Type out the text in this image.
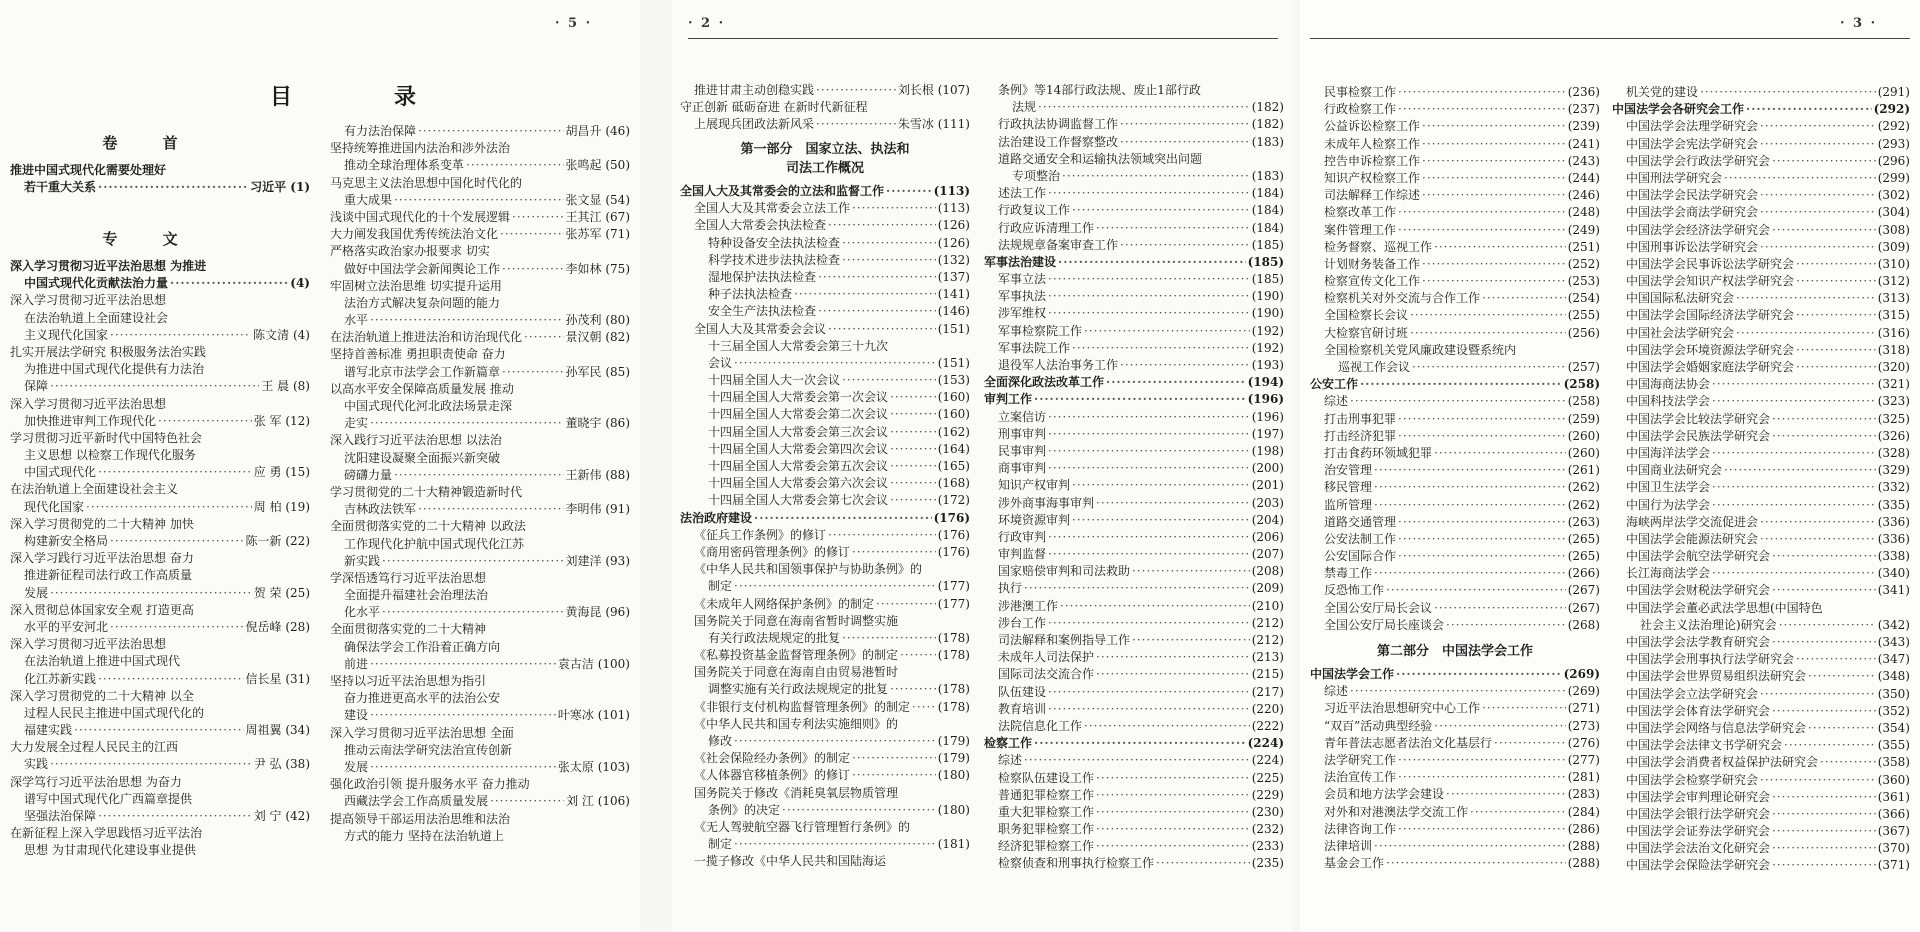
· 5 ·
目　录
卷 首
推进中国式现代化需要处理好
若干重大关系 ·····	习近平 (1)
专 文
深入学习贯彻习近平法治思想 为推进
中国式现代化贡献法治力量 ·····	(4)
深入学习贯彻习近平法治思想
在法治轨道上全面建设社会
主义现代化国家 ·····	陈文清 (4)
扎实开展法学研究 积极服务法治实践
为推进中国式现代化提供有力法治
保障 ·····	王 晨 (8)
深入学习贯彻习近平法治思想
加快推进审判工作现代化 ·····	张 军 (12)
学习贯彻习近平新时代中国特色社会
主义思想 以检察工作现代化服务
中国式现代化 ·····	应 勇 (15)
在法治轨道上全面建设社会主义
现代化国家 ·····	周 柏 (19)
深入学习贯彻党的二十大精神 加快
构建新安全格局 ·····	陈一新 (22)
深入学习践行习近平法治思想 奋力
推进新征程司法行政工作高质量
发展 ·····	贺 荣 (25)
深入贯彻总体国家安全观 打造更高
水平的平安河北 ·····	倪岳峰 (28)
深入学习贯彻习近平法治思想
在法治轨道上推进中国式现代
化江苏新实践 ·····	信长星 (31)
深入学习贯彻党的二十大精神 以全
过程人民民主推进中国式现代化的
福建实践 ·····	周祖翼 (34)
大力发展全过程人民民主的江西
实践 ·····	尹 弘 (38)
深学笃行习近平法治思想 为奋力
谱写中国式现代化广西篇章提供
坚强法治保障 ·····	刘 宁 (42)
在新征程上深入学思践悟习近平法治
思想 为甘肃现代化建设事业提供
有力法治保障 ·····	胡昌升 (46)
坚持统筹推进国内法治和涉外法治
推动全球治理体系变革 ·····	张鸣起 (50)
马克思主义法治思想中国化时代化的
重大成果 ·····	张文显 (54)
浅谈中国式现代化的十个发展逻辑 ·····	王其江 (67)
大力阐发我国优秀传统法治文化 ·····	张苏军 (71)
严格落实政治家办报要求 切实
做好中国法学会新闻舆论工作 ·····	李如林 (75)
牢固树立法治思维 切实提升运用
法治方式解决复杂问题的能力
水平 ·····	孙茂利 (80)
在法治轨道上推进法治和访治现代化 ·····	景汉朝 (82)
坚持首善标准 勇担职责使命 奋力
谱写北京市法学会工作新篇章 ·····	孙军民 (85)
以高水平安全保障高质量发展 推动
中国式现代化河北政法场景走深
走实 ·····	董晓宇 (86)
深入践行习近平法治思想 以法治
沈阳建设凝聚全面振兴新突破
磅礴力量 ·····	王新伟 (88)
学习贯彻党的二十大精神锻造新时代
吉林政法铁军 ·····	李明伟 (91)
全面贯彻落实党的二十大精神 以政法
工作现代化护航中国式现代化江苏
新实践 ·····	刘建洋 (93)
学深悟透笃行习近平法治思想
全面提升福建社会治理法治
化水平 ·····	黄海昆 (96)
全面贯彻落实党的二十大精神
确保法学会工作沿着正确方向
前进 ·····	袁古洁 (100)
坚持以习近平法治思想为指引
奋力推进更高水平的法治公安
建设 ·····	叶寒冰 (101)
深入学习贯彻习近平法治思想 全面
推动云南法学研究法治宣传创新
发展 ·····	张太原 (103)
强化政治引领 提升服务水平 奋力推动
西藏法学会工作高质量发展 ·····	刘 江 (106)
提高领导干部运用法治思维和法治
方式的能力 坚持在法治轨道上
· 2 ·
推进甘肃主动创稳实践 ·····	刘长根 (107)
守正创新 砥砺奋进 在新时代新征程
上展现兵团政法新风采 ·····	朱雪冰 (111)
第一部分　国家立法、执法和
司法工作概况
全国人大及其常委会的立法和监督工作 ·····	(113)
全国人大及其常委会立法工作 ·····	(113)
全国人大常委会执法检查 ·····	(126)
特种设备安全法执法检查 ·····	(126)
科学技术进步法执法检查 ·····	(132)
湿地保护法执法检查 ·····	(137)
种子法执法检查 ·····	(141)
安全生产法执法检查 ·····	(146)
全国人大及其常委会会议 ·····	(151)
十三届全国人大常委会第三十九次
会议 ·····	(151)
十四届全国人大一次会议 ·····	(153)
十四届全国人大常委会第一次会议 ·····	(160)
十四届全国人大常委会第二次会议 ·····	(160)
十四届全国人大常委会第三次会议 ·····	(162)
十四届全国人大常委会第四次会议 ·····	(164)
十四届全国人大常委会第五次会议 ·····	(165)
十四届全国人大常委会第六次会议 ·····	(168)
十四届全国人大常委会第七次会议 ·····	(172)
法治政府建设 ·····	(176)
《征兵工作条例》的修订 ·····	(176)
《商用密码管理条例》的修订 ·····	(176)
《中华人民共和国领事保护与协助条例》的
制定 ·····	(177)
《未成年人网络保护条例》的制定 ·····	(177)
国务院关于同意在海南省暂时调整实施
有关行政法规规定的批复 ·····	(178)
《私募投资基金监督管理条例》的制定 ·····	(178)
国务院关于同意在海南自由贸易港暂时
调整实施有关行政法规规定的批复 ·····	(178)
《非银行支付机构监督管理条例》的制定 ····· (178)
《中华人民共和国专利法实施细则》的
修改 ·····	(179)
《社会保险经办条例》的制定 ·····	(179)
《人体器官移植条例》的修订 ·····	(180)
国务院关于修改《消耗臭氧层物质管理
条例》的决定 ·····	(180)
《无人驾驶航空器飞行管理暂行条例》的
制定 ·····	(181)
一揽子修改《中华人民共和国陆海运
条例》等14部行政法规、废止1部行政
法规 ·····	(182)
行政执法协调监督工作 ·····	(182)
法治建设工作督察整改 ·····	(183)
道路交通安全和运输执法领域突出问题
专项整治 ·····	(183)
述法工作 ·····	(184)
行政复议工作 ·····	(184)
行政应诉清理工作 ·····	(184)
法规规章备案审查工作 ·····	(185)
军事法治建设 ·····	(185)
军事立法 ·····	(185)
军事执法 ·····	(190)
涉军维权 ·····	(190)
军事检察院工作 ·····	(192)
军事法院工作 ·····	(192)
退役军人法治事务工作 ·····	(193)
全面深化政法改革工作 ·····	(194)
审判工作 ·····	(196)
立案信访 ·····	(196)
刑事审判 ·····	(197)
民事审判 ·····	(198)
商事审判 ·····	(200)
知识产权审判 ·····	(201)
涉外商事海事审判 ·····	(203)
环境资源审判 ·····	(204)
行政审判 ·····	(206)
审判监督 ·····	(207)
国家赔偿审判和司法救助 ·····	(208)
执行 ·····	(209)
涉港澳工作 ·····	(210)
涉台工作 ·····	(212)
司法解释和案例指导工作 ·····	(212)
未成年人司法保护 ·····	(213)
国际司法交流合作 ·····	(215)
队伍建设 ·····	(217)
教育培训 ·····	(220)
法院信息化工作 ·····	(222)
检察工作 ·····	(224)
综述 ·····	(224)
检察队伍建设工作 ·····	(225)
普通犯罪检察工作 ·····	(229)
重大犯罪检察工作 ·····	(230)
职务犯罪检察工作 ·····	(232)
经济犯罪检察工作 ·····	(233)
检察侦查和刑事执行检察工作 ·····	(235)
· 3 ·
民事检察工作 ·····	(236)
行政检察工作 ·····	(237)
公益诉讼检察工作 ·····	(239)
未成年人检察工作 ·····	(241)
控告申诉检察工作 ·····	(243)
知识产权检察工作 ·····	(244)
司法解释工作综述 ·····	(246)
检察改革工作 ·····	(248)
案件管理工作 ·····	(249)
检务督察、巡视工作 ·····	(251)
计划财务装备工作 ·····	(252)
检察宣传文化工作 ·····	(253)
检察机关对外交流与合作工作 ·····	(254)
全国检察长会议 ·····	(255)
大检察官研讨班 ·····	(256)
全国检察机关党风廉政建设暨系统内
巡视工作会议 ·····	(257)
公安工作 ·····	(258)
综述 ·····	(258)
打击刑事犯罪 ·····	(259)
打击经济犯罪 ·····	(260)
打击食药环领域犯罪 ·····	(260)
治安管理 ·····	(261)
移民管理 ·····	(262)
监所管理 ·····	(262)
道路交通管理 ·····	(263)
公安法制工作 ·····	(265)
公安国际合作 ·····	(265)
禁毒工作 ·····	(266)
反恐怖工作 ·····	(267)
全国公安厅局长会议 ·····	(267)
全国公安厅局长座谈会 ·····	(268)
第二部分　中国法学会工作
中国法学会工作 ·····	(269)
综述 ·····	(269)
习近平法治思想研究中心工作 ·····	(271)
“双百”活动典型经验 ·····	(273)
青年普法志愿者法治文化基层行 ·····	(276)
法学研究工作 ·····	(277)
法治宣传工作 ·····	(281)
会员和地方法学会建设 ·····	(283)
对外和对港澳法学交流工作 ·····	(284)
法律咨询工作 ·····	(286)
法律培训 ·····	(288)
基金会工作 ·····	(288)
机关党的建设 ·····	(291)
中国法学会各研究会工作 ·····	(292)
中国法学会法理学研究会 ·····	(292)
中国法学会宪法学研究会 ·····	(293)
中国法学会行政法学研究会 ·····	(296)
中国刑法学研究会 ·····	(299)
中国法学会民法学研究会 ·····	(302)
中国法学会商法学研究会 ·····	(304)
中国法学会经济法学研究会 ·····	(308)
中国刑事诉讼法学研究会 ·····	(309)
中国法学会民事诉讼法学研究会 ·····	(310)
中国法学会知识产权法学研究会 ·····	(312)
中国国际私法研究会 ·····	(313)
中国法学会国际经济法学研究会 ·····	(315)
中国社会法学研究会 ·····	(316)
中国法学会环境资源法学研究会 ·····	(318)
中国法学会婚姻家庭法学研究会 ·····	(320)
中国海商法协会 ·····	(321)
中国科技法学会 ·····	(323)
中国法学会比较法学研究会 ·····	(325)
中国法学会民族法学研究会 ·····	(326)
中国海洋法学会 ·····	(328)
中国商业法研究会 ·····	(329)
中国卫生法学会 ·····	(332)
中国行为法学会 ·····	(335)
海峡两岸法学交流促进会 ·····	(336)
中国法学会能源法研究会 ·····	(336)
中国法学会航空法学研究会 ·····	(338)
长江海商法学会 ·····	(340)
中国法学会财税法学研究会 ·····	(341)
中国法学会董必武法学思想(中国特色
社会主义法治理论)研究会 ·····	(342)
中国法学会法学教育研究会 ·····	(343)
中国法学会刑事执行法学研究会 ·····	(347)
中国法学会世界贸易组织法研究会 ·····	(348)
中国法学会立法学研究会 ·····	(350)
中国法学会体育法学研究会 ·····	(352)
中国法学会网络与信息法学研究会 ·····	(354)
中国法学会法律文书学研究会 ·····	(355)
中国法学会消费者权益保护法研究会 ·····	(358)
中国法学会检察学研究会 ·····	(360)
中国法学会审判理论研究会 ·····	(361)
中国法学会银行法学研究会 ·····	(366)
中国法学会证券法学研究会 ·····	(367)
中国法学会法治文化研究会 ·····	(370)
中国法学会保险法学研究会 ·····	(371)
